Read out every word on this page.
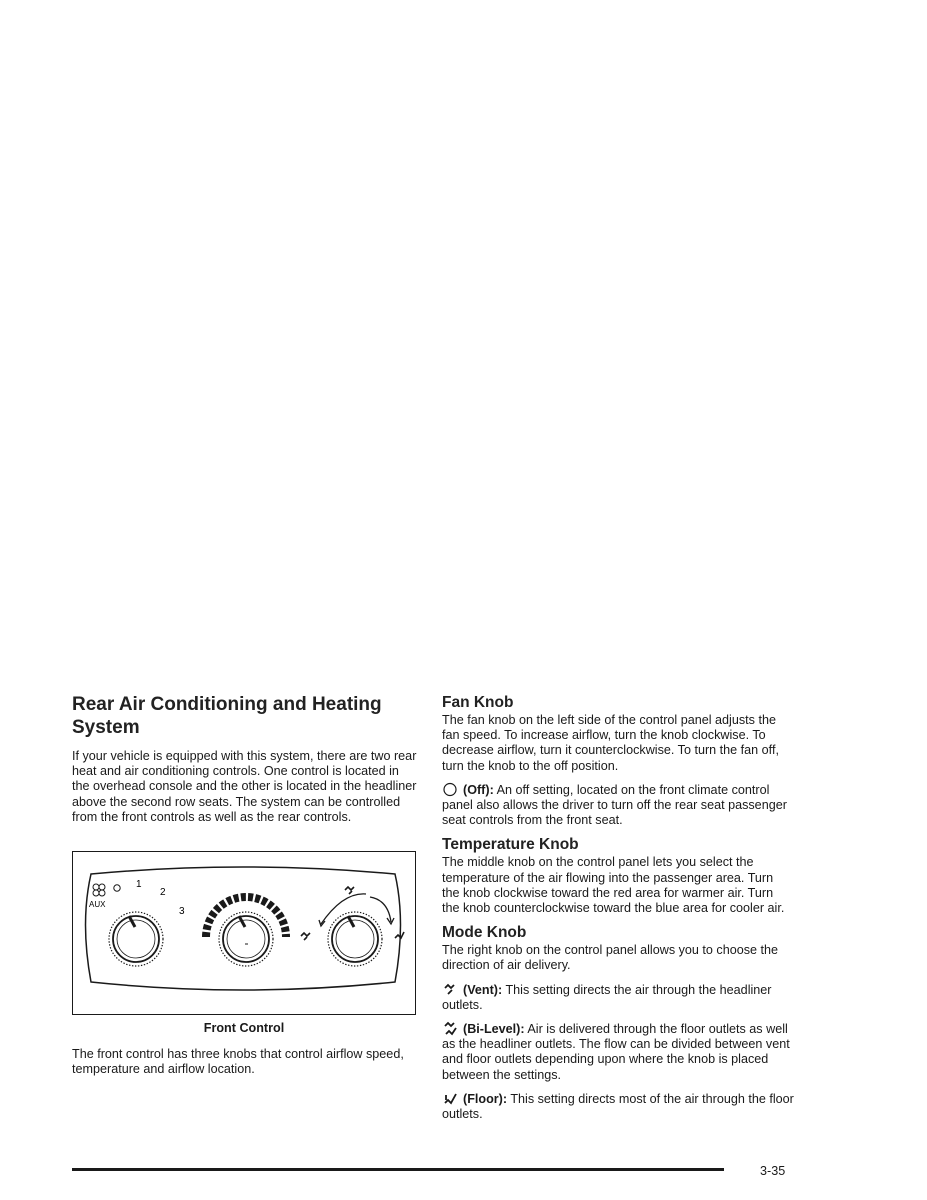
Rear Air Conditioning and Heating System

If your vehicle is equipped with this system, there are two rear heat and air conditioning controls. One control is located in the overhead console and the other is located in the headliner above the second row seats. The system can be controlled from the front controls as well as the rear controls.

AUX
1
2
3
Front Control

The front control has three knobs that control airflow speed, temperature and airflow location.

Fan Knob

The fan knob on the left side of the control panel adjusts the fan speed. To increase airflow, turn the knob clockwise. To decrease airflow, turn it counterclockwise. To turn the fan off, turn the knob to the off position.

(Off): An off setting, located on the front climate control panel also allows the driver to turn off the rear seat passenger seat controls from the front seat.

Temperature Knob

The middle knob on the control panel lets you select the temperature of the air flowing into the passenger area. Turn the knob clockwise toward the red area for warmer air. Turn the knob counterclockwise toward the blue area for cooler air.

Mode Knob

The right knob on the control panel allows you to choose the direction of air delivery.

(Vent): This setting directs the air through the headliner outlets.

(Bi-Level): Air is delivered through the floor outlets as well as the headliner outlets. The flow can be divided between vent and floor outlets depending upon where the knob is placed between the settings.

(Floor): This setting directs most of the air through the floor outlets.

3-35
